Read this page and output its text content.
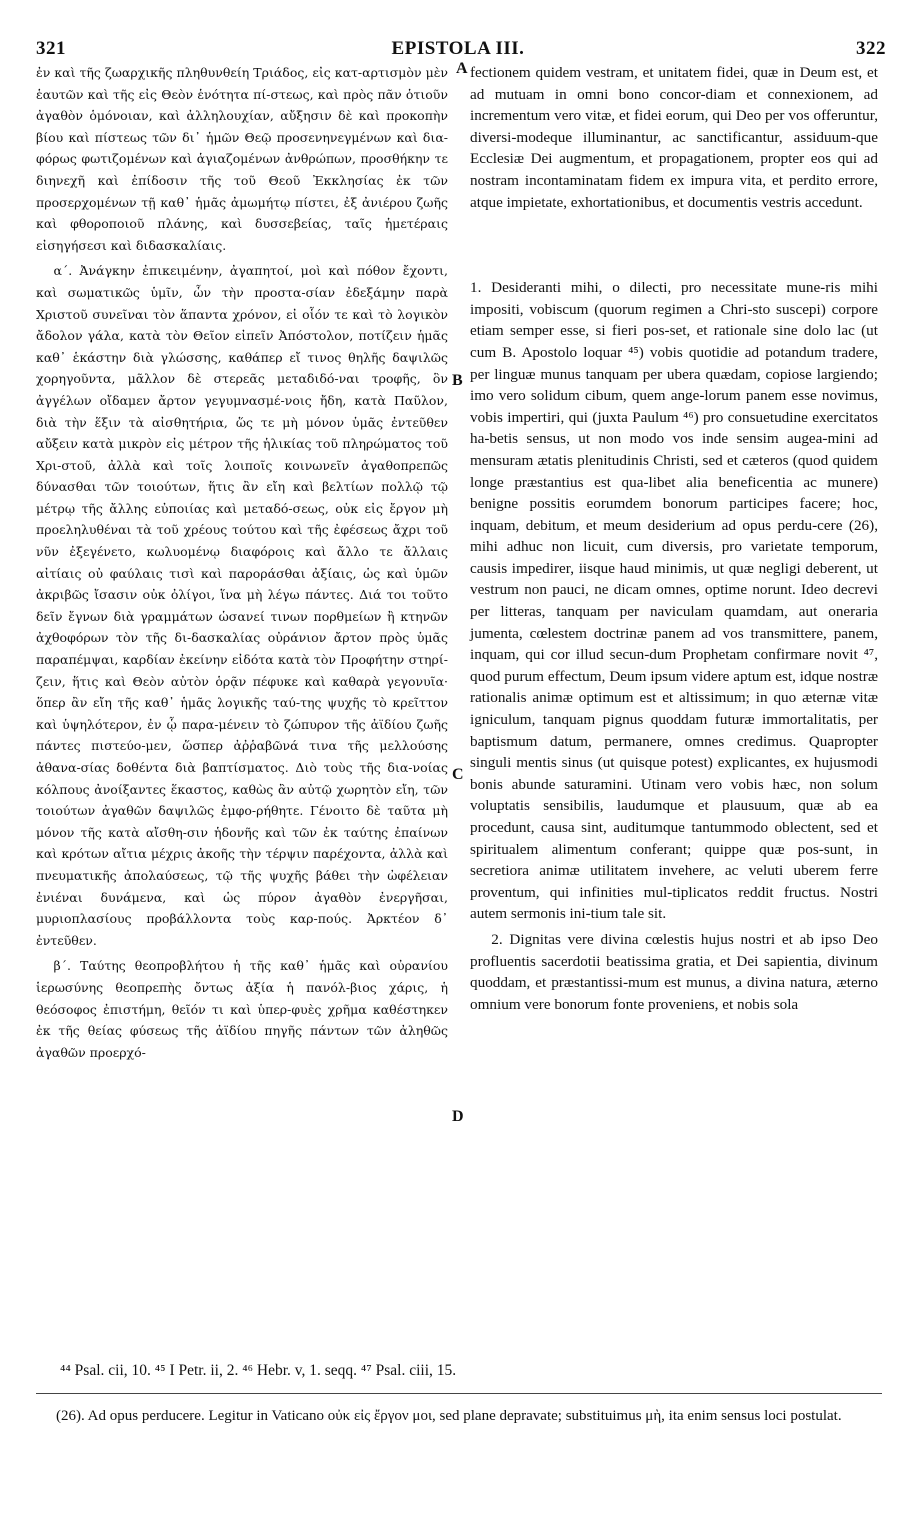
321	EPISTOLA III.	322

ἐν καὶ τῆς ζωαρχικῆς πληθυνθείη Τριάδος, εἰς κατ-αρτισμὸν μὲν ἑαυτῶν καὶ τῆς εἰς Θεὸν ἑνότητα πί-στεως, καὶ πρὸς πᾶν ὁτιοῦν ἀγαθὸν ὁμόνοιαν, καὶ ἀλληλουχίαν, αὔξησιν δὲ καὶ προκοπὴν βίου καὶ πίστεως τῶν δι᾿ ἡμῶν Θεῷ προσενηνεγμένων καὶ δια-φόρως φωτιζομένων καὶ ἁγιαζομένων ἀνθρώπων, προσθήκην τε διηνεχῆ καὶ ἐπίδοσιν τῆς τοῦ Θεοῦ Ἐκκλησίας ἐκ τῶν προσερχομένων τῇ καθ᾿ ἡμᾶς ἀμωμήτῳ πίστει, ἐξ ἀνιέρου ζωῆς καὶ φθοροποιοῦ πλάνης, καὶ δυσσεβείας, ταῖς ἡμετέραις εἰσηγήσεσι καὶ διδασκαλίαις.

α΄. Ἀνάγκην ἐπικειμένην, ἀγαπητοί, μοὶ καὶ πόθον ἔχοντι, καὶ σωματικῶς ὑμῖν, ὧν τὴν προστα-σίαν ἐδεξάμην παρὰ Χριστοῦ συνεῖναι τὸν ἅπαντα χρόνον, εἰ οἷόν τε καὶ τὸ λογικὸν ἄδολον γάλα, κατὰ τὸν Θεῖον εἰπεῖν Ἀπόστολον, ποτίζειν ἡμᾶς καθ᾿ ἑκάστην διὰ γλώσσης, καθάπερ εἴ τινος θηλῆς δαψιλῶς χορηγοῦντα, μᾶλλον δὲ στερεᾶς μεταδιδό-ναι τροφῆς, ὃν ἀγγέλων οἴδαμεν ἄρτον γεγυμνασμέ-νοις ἤδη, κατὰ Παῦλον, διὰ τὴν ἕξιν τὰ αἰσθητήρια, ὥς τε μὴ μόνον ὑμᾶς ἐντεῦθεν αὔξειν κατὰ μικρὸν εἰς μέτρον τῆς ἡλικίας τοῦ πληρώματος τοῦ Χρι-στοῦ, ἀλλὰ καὶ τοῖς λοιποῖς κοινωνεῖν ἀγαθοπρεπῶς δύνασθαι τῶν τοιούτων, ἥτις ἂν εἴη καὶ βελτίων πολλῷ τῷ μέτρῳ τῆς ἄλλης εὐποιίας καὶ μεταδό-σεως, οὐκ εἰς ἔργον μὴ προεληλυθέναι τὰ τοῦ χρέους τούτου καὶ τῆς ἐφέσεως ἄχρι τοῦ νῦν ἐξεγένετο, κωλυομένῳ διαφόροις καὶ ἄλλο τε ἄλλαις αἰτίαις οὐ φαύλαις τισὶ καὶ παροράσθαι ἀξίαις, ὡς καὶ ὑμῶν ἀκριβῶς ἴσασιν οὐκ ὀλίγοι, ἵνα μὴ λέγω πάντες. Διά τοι τοῦτο δεῖν ἔγνων διὰ γραμμάτων ὡσανεί τινων πορθμείων ἢ κτηνῶν ἀχθοφόρων τὸν τῆς δι-δασκαλίας οὐράνιον ἄρτον πρὸς ὑμᾶς παραπέμψαι, καρδίαν ἐκείνην εἰδότα κατὰ τὸν Προφήτην στηρί-ζειν, ἥτις καὶ Θεὸν αὐτὸν ὁρᾷν πέφυκε καὶ καθαρὰ γεγονυῖα· ὅπερ ἂν εἴη τῆς καθ᾿ ἡμᾶς λογικῆς ταύ-της ψυχῆς τὸ κρεῖττον καὶ ὑψηλότερον, ἐν ᾧ παρα-μένειν τὸ ζώπυρον τῆς ἀϊδίου ζωῆς πάντες πιστεύο-μεν, ὥσπερ ἀῤῥαβῶνά τινα τῆς μελλούσης ἀθανα-σίας δοθέντα διὰ βαπτίσματος. Διὸ τοὺς τῆς δια-νοίας κόλπους ἀνοίξαντες ἕκαστος, καθὼς ἂν αὐτῷ χωρητὸν εἴη, τῶν τοιούτων ἀγαθῶν δαψιλῶς ἐμφο-ρήθητε. Γένοιτο δὲ ταῦτα μὴ μόνον τῆς κατὰ αἴσθη-σιν ἡδονῆς καὶ τῶν ἐκ ταύτης ἐπαίνων καὶ κρότων αἴτια μέχρις ἀκοῆς τὴν τέρψιν παρέχοντα, ἀλλὰ καὶ πνευματικῆς ἀπολαύσεως, τῷ τῆς ψυχῆς βάθει τὴν ὠφέλειαν ἐνιέναι δυνάμενα, καὶ ὡς πύρον ἀγαθὸν ἐνεργῆσαι, μυριοπλασίους προβάλλοντα τοὺς καρ-πούς. Ἀρκτέον δ᾿ ἐντεῦθεν.

β΄. Ταύτης θεοπροβλήτου ἡ τῆς καθ᾿ ἡμᾶς καὶ οὐρανίου ἱερωσύνης θεοπρεπὴς ὄντως ἀξία ἡ πανόλ-βιος χάρις, ἡ θεόσοφος ἐπιστήμη, θεῖόν τι καὶ ὑπερ-φυὲς χρῆμα καθέστηκεν ἐκ τῆς θείας φύσεως τῆς ἀϊδίου πηγῆς πάντων τῶν ἀληθῶς ἀγαθῶν προερχό-

A
B
C
D

fectionem quidem vestram, et unitatem fidei, quæ in Deum est, et ad mutuam in omni bono concor-diam et connexionem, ad incrementum vero vitæ, et fidei eorum, qui Deo per vos offeruntur, diversi-modeque illuminantur, ac sanctificantur, assiduum-que Ecclesiæ Dei augmentum, et propagationem, propter eos qui ad nostram incontaminatam fidem ex impura vita, et perdito errore, atque impietate, exhortationibus, et documentis vestris accedunt.

1. Desideranti mihi, o dilecti, pro necessitate mune-ris mihi impositi, vobiscum (quorum regimen a Chri-sto suscepi) corpore etiam semper esse, si fieri pos-set, et rationale sine dolo lac (ut cum B. Apostolo loquar ⁴⁵) vobis quotidie ad potandum tradere, per linguæ munus tanquam per ubera quædam, copiose largiendo; imo vero solidum cibum, quem ange-lorum panem esse novimus, vobis impertiri, qui (juxta Paulum ⁴⁶) pro consuetudine exercitatos ha-betis sensus, ut non modo vos inde sensim augea-mini ad mensuram ætatis plenitudinis Christi, sed et cæteros (quod quidem longe præstantius est qua-libet alia beneficentia ac munere) benigne possitis eorumdem bonorum participes facere; hoc, inquam, debitum, et meum desiderium ad opus perdu-cere (26), mihi adhuc non licuit, cum diversis, pro varietate temporum, causis impedirer, iisque haud minimis, ut quæ negligi deberent, ut vestrum non pauci, ne dicam omnes, optime norunt. Ideo decrevi per litteras, tanquam per naviculam quamdam, aut oneraria jumenta, cœlestem doctrinæ panem ad vos transmittere, panem, inquam, qui cor illud secun-dum Prophetam confirmare novit ⁴⁷, quod purum effectum, Deum ipsum videre aptum est, idque nostræ rationalis animæ optimum est et altissimum; in quo æternæ vitæ igniculum, tanquam pignus quoddam futuræ immortalitatis, per baptismum datum, permanere, omnes credimus. Quapropter singuli mentis sinus (ut quisque potest) explicantes, ex hujusmodi bonis abunde saturamini. Utinam vero vobis hæc, non solum voluptatis sensibilis, laudumque et plausuum, quæ ab ea procedunt, causa sint, auditumque tantummodo oblectent, sed et spiritualem alimentum conferant; quippe quæ pos-sunt, in secretiora animæ utilitatem invehere, ac veluti uberem ferre proventum, qui infinities mul-tiplicatos reddit fructus. Nostri autem sermonis ini-tium tale sit.

2. Dignitas vere divina cœlestis hujus nostri et ab ipso Deo profluentis sacerdotii beatissima gratia, et Dei sapientia, divinum quoddam, et præstantissi-mum est munus, a divina natura, æterno omnium vere bonorum fonte proveniens, et nobis sola

⁴⁴ Psal. cii, 10. ⁴⁵ I Petr. ii, 2. ⁴⁶ Hebr. v, 1. seqq. ⁴⁷ Psal. ciii, 15.
(26). Ad opus perducere. Legitur in Vaticano οὐκ εἰς ἔργον μοι, sed plane depravate; substituimus μὴ, ita enim sensus loci postulat.
